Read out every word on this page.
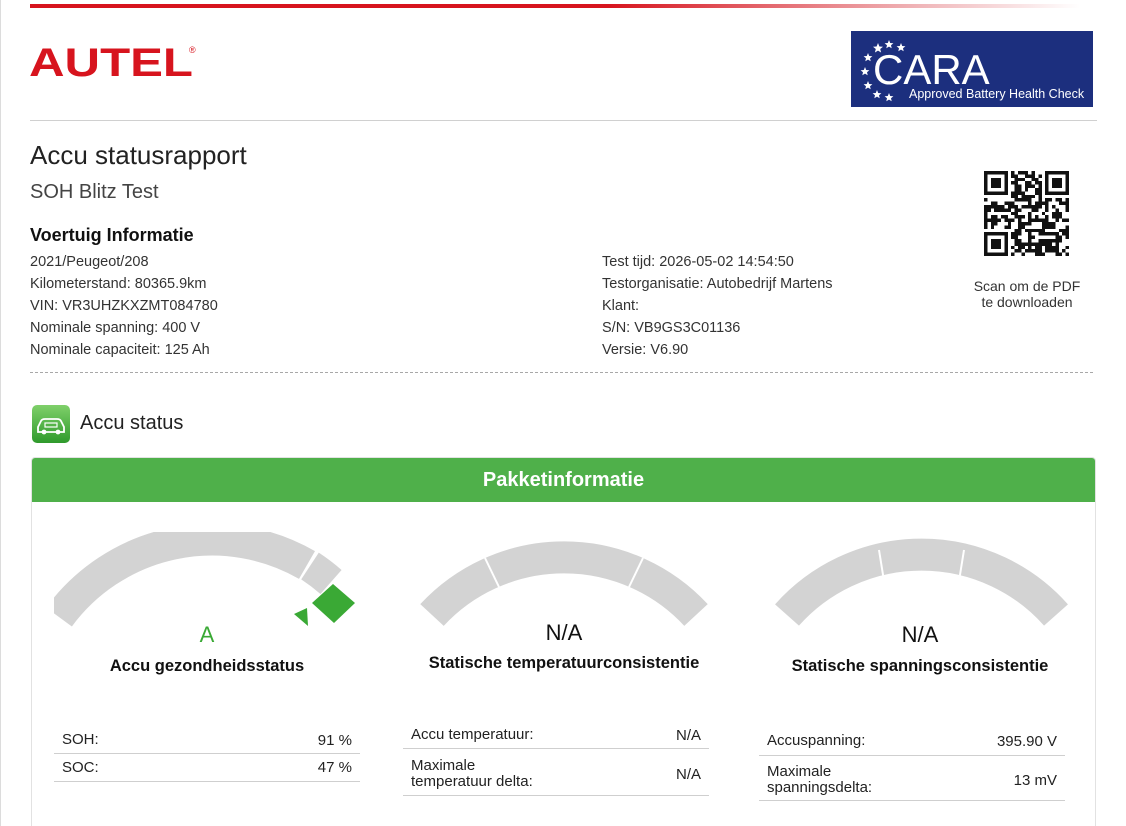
AUTEL
®	CARA
Approved Battery Health Check
Accu statusrapport
SOH Blitz Test
Voertuig Informatie
2021/Peugeot/208
Kilometerstand: 80365.9km
VIN: VR3UHZKXZMT084780
Nominale spanning: 400 V
Nominale capaciteit: 125 Ah
Test tijd: 2026-05-02 14:54:50
Testorganisatie: Autobedrijf Martens
Klant:
S/N: VB9GS3C01136
Versie: V6.90
Scan om de PDF
te downloaden
Accu status
Pakketinformatie
A
Accu gezondheidsstatus
N/A
Statische temperatuurconsistentie
N/A
Statische spanningsconsistentie
SOH:	91 %
SOC:	47 %
Accu temperatuur:	N/A
Maximale
temperatuur delta:	N/A
Accuspanning:	395.90 V
Maximale
spanningsdelta:	13 mV
